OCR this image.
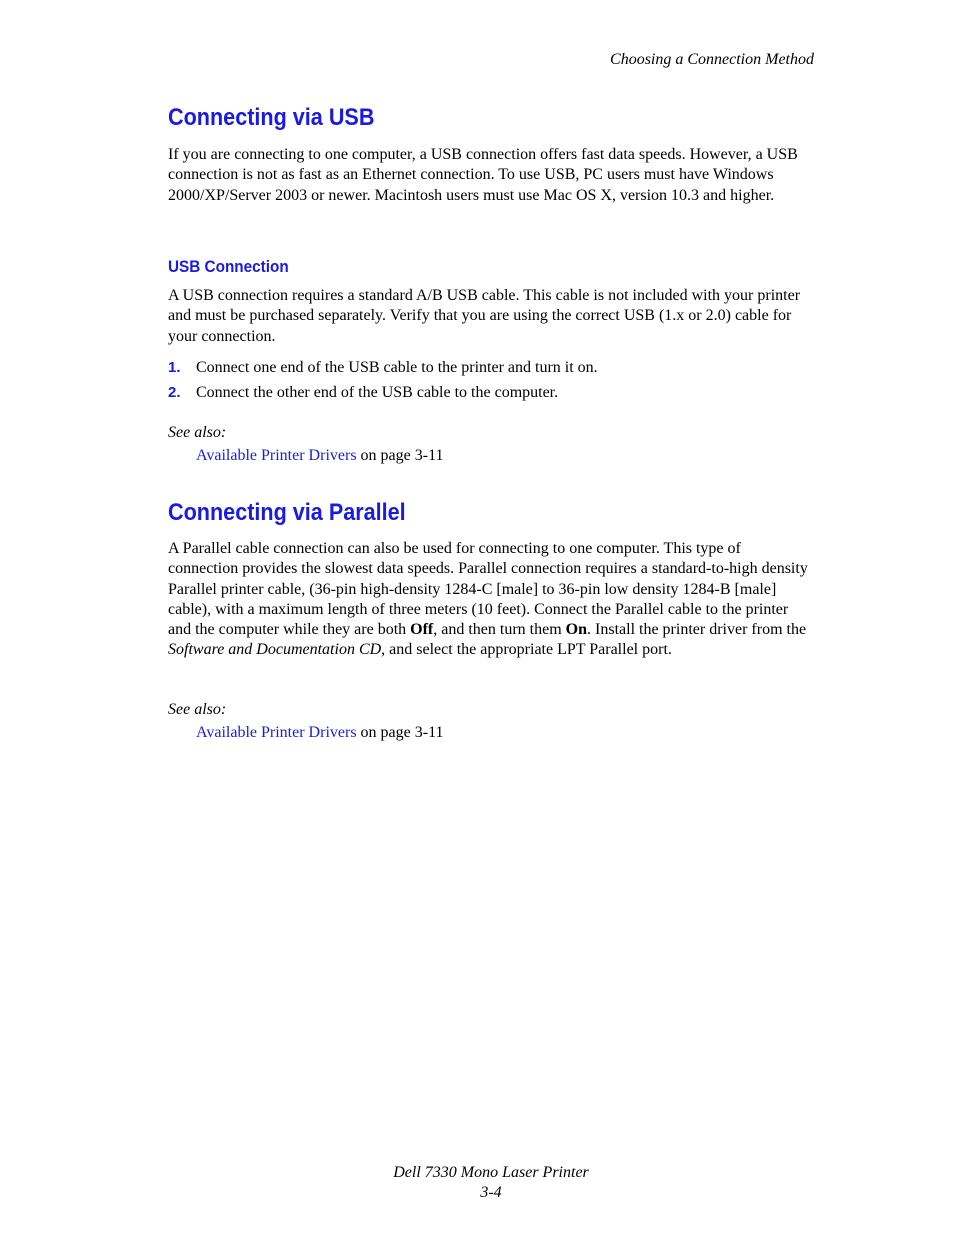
Choosing a Connection Method
Connecting via USB

If you are connecting to one computer, a USB connection offers fast data speeds. However, a USB connection is not as fast as an Ethernet connection. To use USB, PC users must have Windows 2000/XP/Server 2003 or newer. Macintosh users must use Mac OS X, version 10.3 and higher.

USB Connection

A USB connection requires a standard A/B USB cable. This cable is not included with your printer and must be purchased separately. Verify that you are using the correct USB (1.x or 2.0) cable for your connection.

1. Connect one end of the USB cable to the printer and turn it on.
2. Connect the other end of the USB cable to the computer.
See also:
Available Printer Drivers on page 3-11
Connecting via Parallel

A Parallel cable connection can also be used for connecting to one computer. This type of connection provides the slowest data speeds. Parallel connection requires a standard-to-high density Parallel printer cable, (36-pin high-density 1284-C [male] to 36-pin low density 1284-B [male] cable), with a maximum length of three meters (10 feet). Connect the Parallel cable to the printer and the computer while they are both Off, and then turn them On. Install the printer driver from the Software and Documentation CD, and select the appropriate LPT Parallel port.

See also:
Available Printer Drivers on page 3-11
Dell 7330 Mono Laser Printer
3-4
